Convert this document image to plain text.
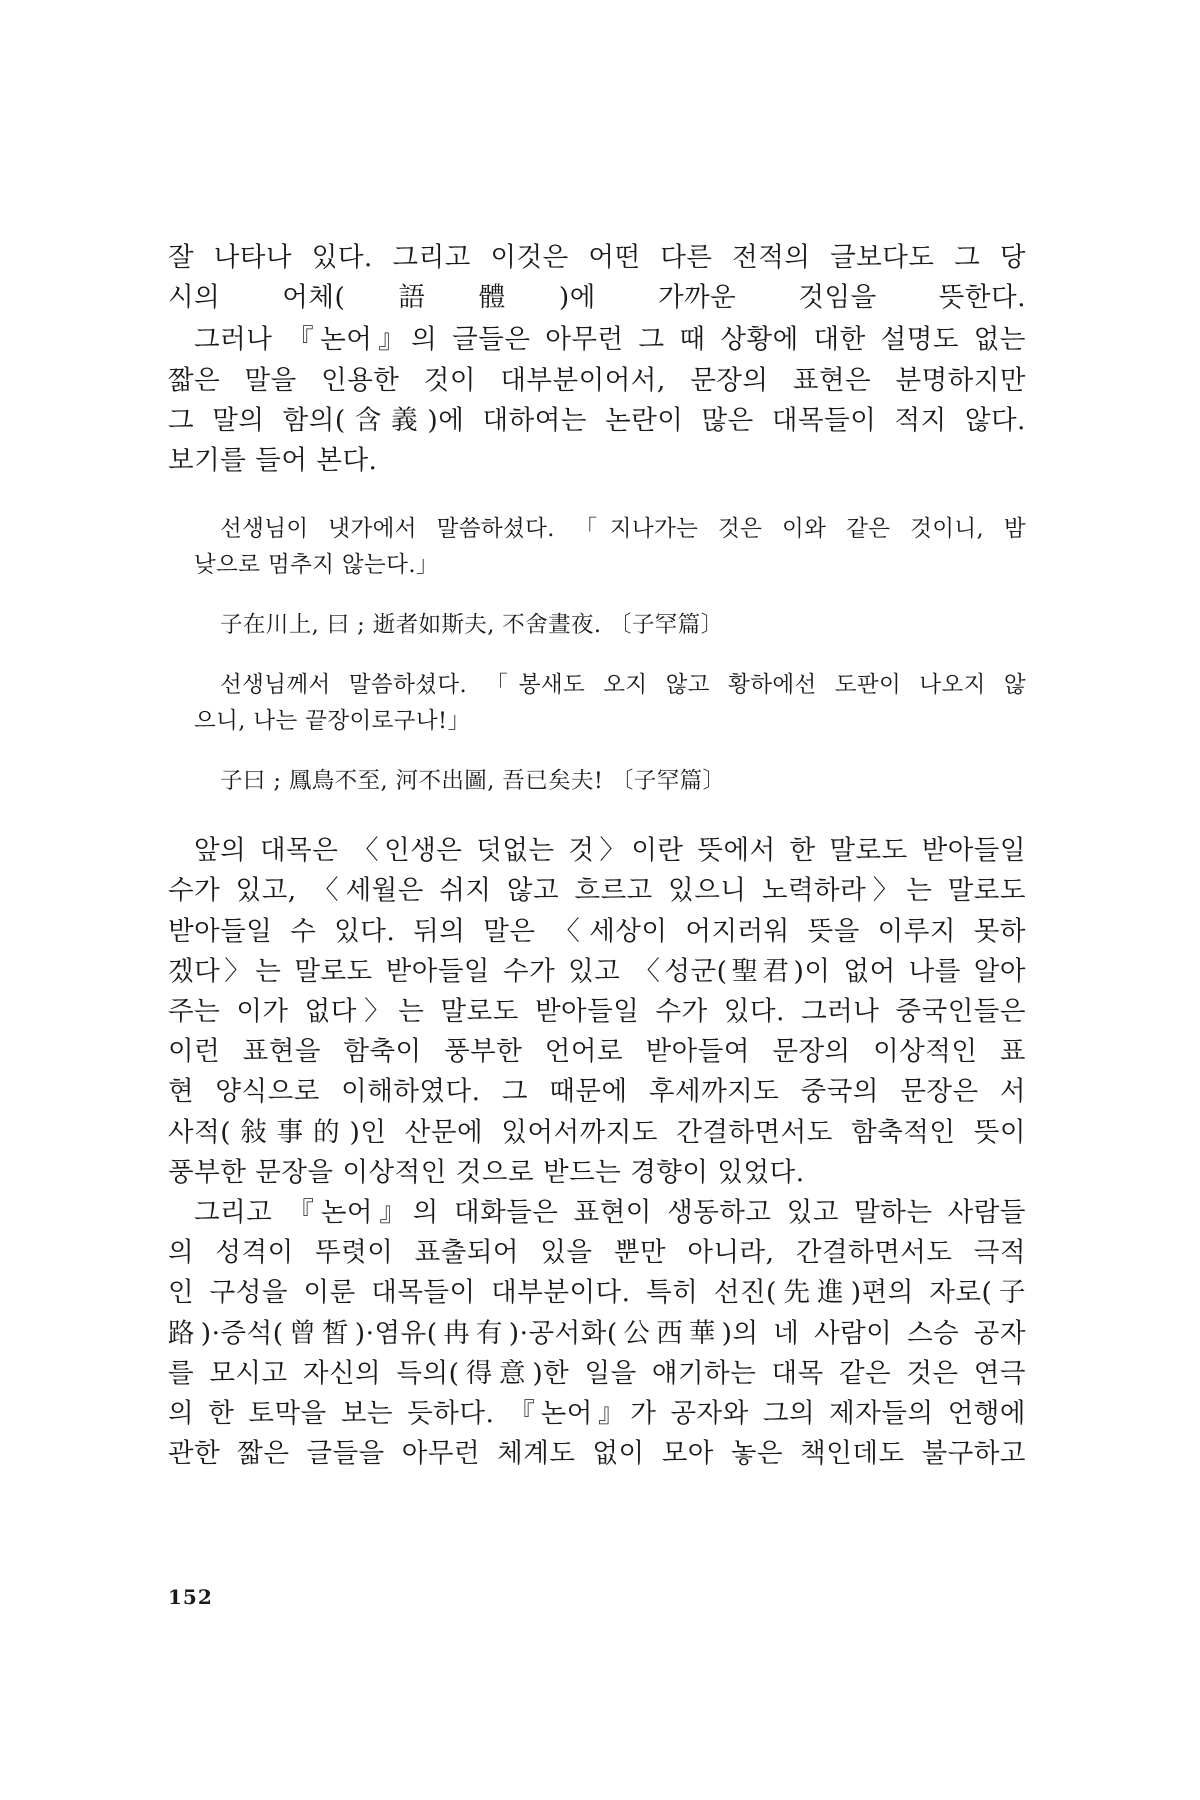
잘 나타나 있다. 그리고 이것은 어떤 다른 전적의 글보다도 그 당
시의 어체(語體)에 가까운 것임을 뜻한다.
그러나 『논어』의 글들은 아무런 그 때 상황에 대한 설명도 없는
짧은 말을 인용한 것이 대부분이어서, 문장의 표현은 분명하지만
그 말의 함의(含義)에 대하여는 논란이 많은 대목들이 적지 않다.
보기를 들어 본다.
선생님이 냇가에서 말씀하셨다. 「지나가는 것은 이와 같은 것이니, 밤
낮으로 멈추지 않는다.」
子在川上, 曰 ; 逝者如斯夫, 不舍晝夜. 〔子罕篇〕
선생님께서 말씀하셨다. 「봉새도 오지 않고 황하에선 도판이 나오지 않
으니, 나는 끝장이로구나!」
子曰 ; 鳳鳥不至, 河不出圖, 吾已矣夫! 〔子罕篇〕
앞의 대목은 〈인생은 덧없는 것〉이란 뜻에서 한 말로도 받아들일
수가 있고, 〈세월은 쉬지 않고 흐르고 있으니 노력하라〉는 말로도
받아들일 수 있다. 뒤의 말은 〈세상이 어지러워 뜻을 이루지 못하
겠다〉는 말로도 받아들일 수가 있고 〈성군(聖君)이 없어 나를 알아
주는 이가 없다〉는 말로도 받아들일 수가 있다. 그러나 중국인들은
이런 표현을 함축이 풍부한 언어로 받아들여 문장의 이상적인 표
현 양식으로 이해하였다. 그 때문에 후세까지도 중국의 문장은 서
사적(敍事的)인 산문에 있어서까지도 간결하면서도 함축적인 뜻이
풍부한 문장을 이상적인 것으로 받드는 경향이 있었다.
그리고 『논어』의 대화들은 표현이 생동하고 있고 말하는 사람들
의 성격이 뚜렷이 표출되어 있을 뿐만 아니라, 간결하면서도 극적
인 구성을 이룬 대목들이 대부분이다. 특히 선진(先進)편의 자로(子
路)·증석(曾皙)·염유(冉有)·공서화(公西華)의 네 사람이 스승 공자
를 모시고 자신의 득의(得意)한 일을 얘기하는 대목 같은 것은 연극
의 한 토막을 보는 듯하다. 『논어』가 공자와 그의 제자들의 언행에
관한 짧은 글들을 아무런 체계도 없이 모아 놓은 책인데도 불구하고
152
